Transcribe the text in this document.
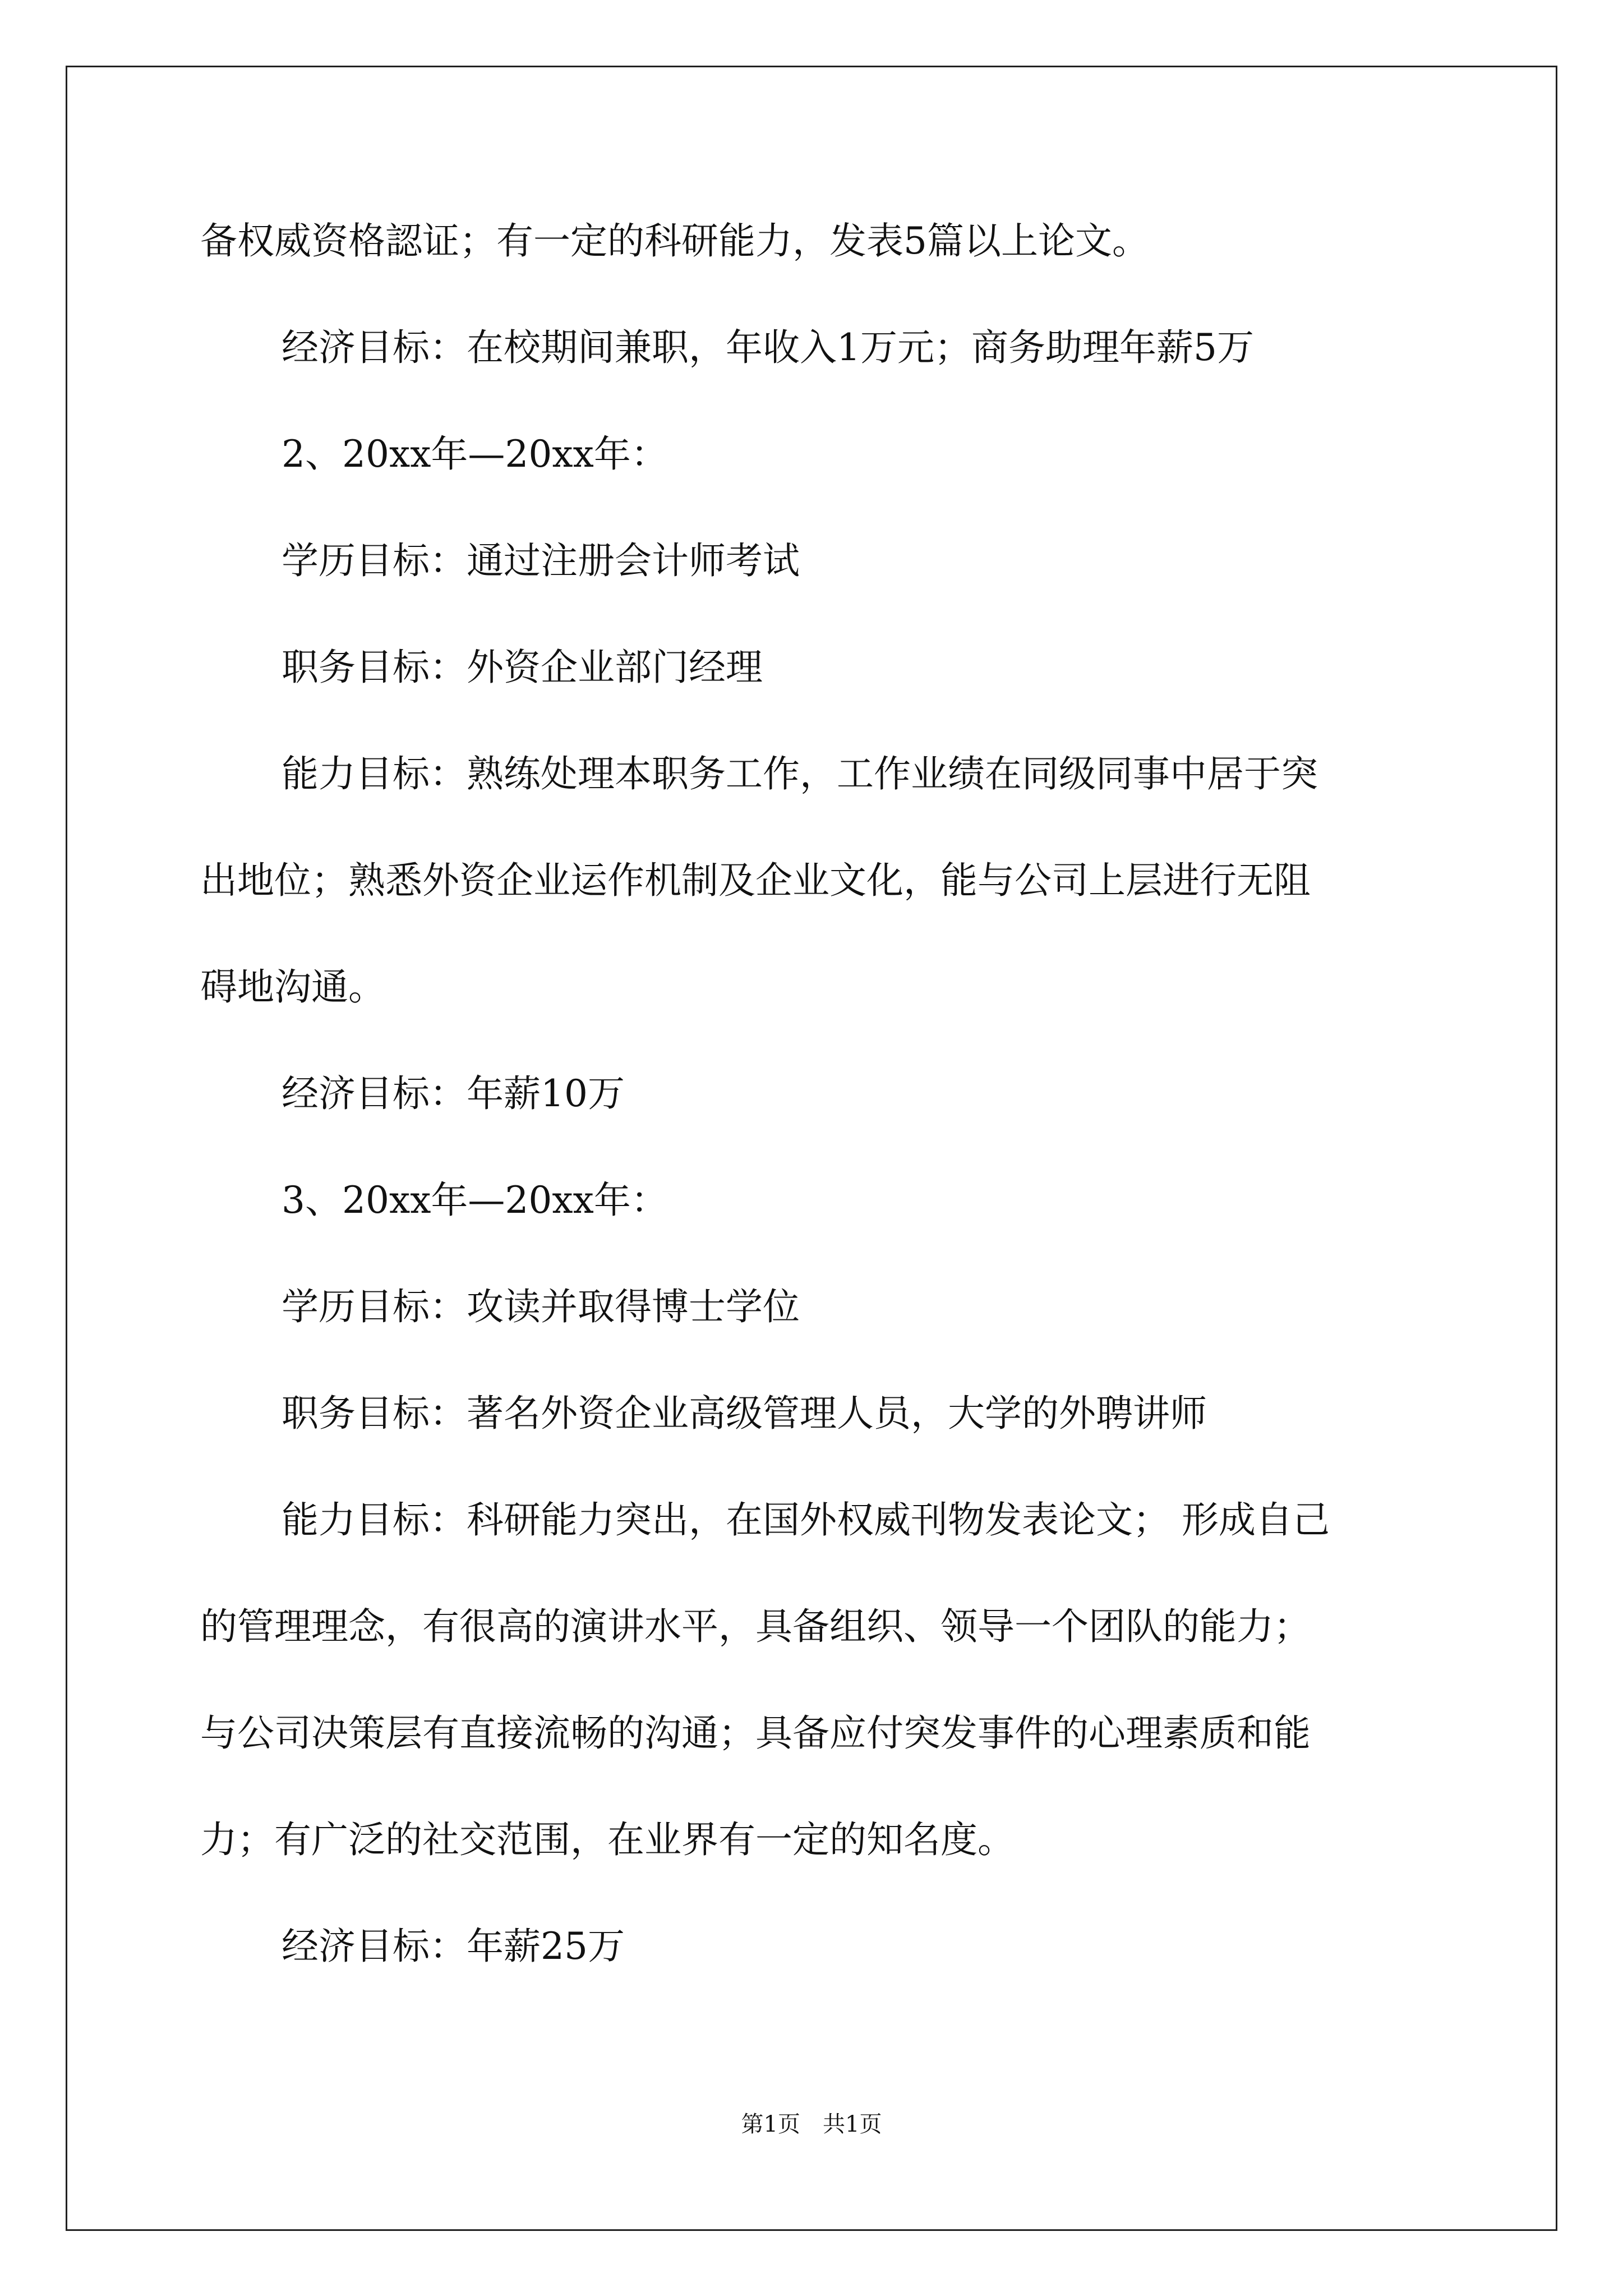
备权威资格認证；有一定的科研能力，发表5篇以上论文。

经济目标：在校期间兼职，年收入1万元；商务助理年薪5万

2、20xx年—20xx年：

学历目标：通过注册会计师考试

职务目标：外资企业部门经理

能力目标：熟练处理本职务工作，工作业绩在同级同事中居于突

出地位；熟悉外资企业运作机制及企业文化，能与公司上层进行无阻

碍地沟通。

经济目标：年薪10万

3、20xx年—20xx年：

学历目标：攻读并取得博士学位

职务目标：著名外资企业高级管理人员，大学的外聘讲师

能力目标：科研能力突出，在国外权威刊物发表论文； 形成自己

的管理理念，有很高的演讲水平，具备组织、领导一个团队的能力；

与公司决策层有直接流畅的沟通；具备应付突发事件的心理素质和能

力；有广泛的社交范围，在业界有一定的知名度。

经济目标：年薪25万

第1页　共1页
